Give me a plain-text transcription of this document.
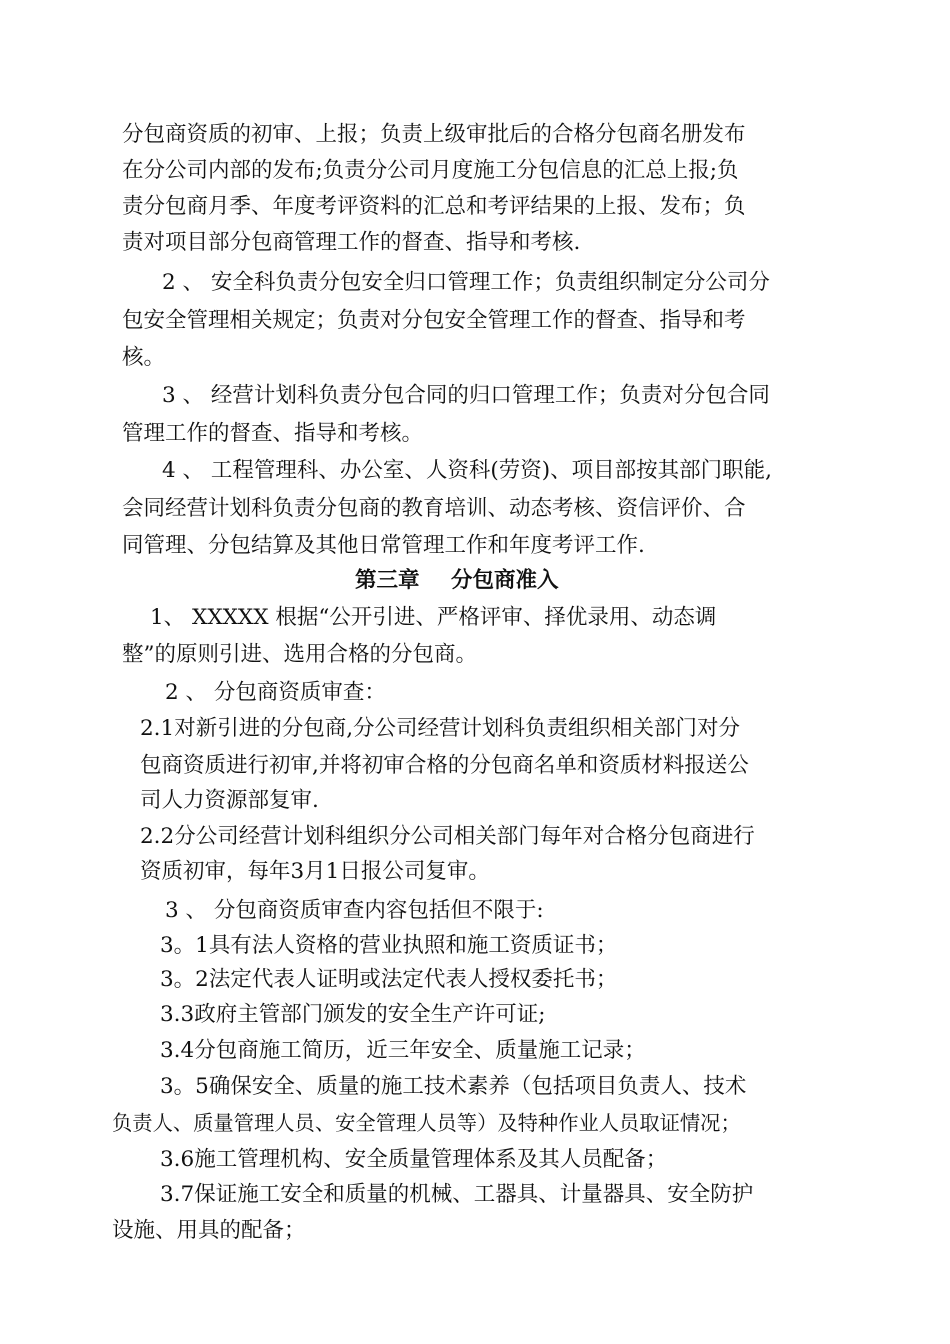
分包商资质的初审、上报；负责上级审批后的合格分包商名册发布
在分公司内部的发布;负责分公司月度施工分包信息的汇总上报;负
责分包商月季、年度考评资料的汇总和考评结果的上报、发布；负
责对项目部分包商管理工作的督查、指导和考核.
2 、 安全科负责分包安全归口管理工作；负责组织制定分公司分
包安全管理相关规定；负责对分包安全管理工作的督查、指导和考
核。
3 、 经营计划科负责分包合同的归口管理工作；负责对分包合同
管理工作的督查、指导和考核。
4 、 工程管理科、办公室、人资科(劳资)、项目部按其部门职能,
会同经营计划科负责分包商的教育培训、动态考核、资信评价、合
同管理、分包结算及其他日常管理工作和年度考评工作.
第三章 分包商准入
1、 XXXXX 根据“公开引进、严格评审、择优录用、动态调
整”的原则引进、选用合格的分包商。
2 、 分包商资质审查：
2.1对新引进的分包商,分公司经营计划科负责组织相关部门对分
包商资质进行初审,并将初审合格的分包商名单和资质材料报送公
司人力资源部复审.
2.2分公司经营计划科组织分公司相关部门每年对合格分包商进行
资质初审，每年3月1日报公司复审。
3 、 分包商资质审查内容包括但不限于:
3。1具有法人资格的营业执照和施工资质证书；
3。2法定代表人证明或法定代表人授权委托书；
3.3政府主管部门颁发的安全生产许可证;
3.4分包商施工简历，近三年安全、质量施工记录；
3。5确保安全、质量的施工技术素养（包括项目负责人、技术
负责人、质量管理人员、安全管理人员等）及特种作业人员取证情况；
3.6施工管理机构、安全质量管理体系及其人员配备；
3.7保证施工安全和质量的机械、工器具、计量器具、安全防护
设施、用具的配备；
